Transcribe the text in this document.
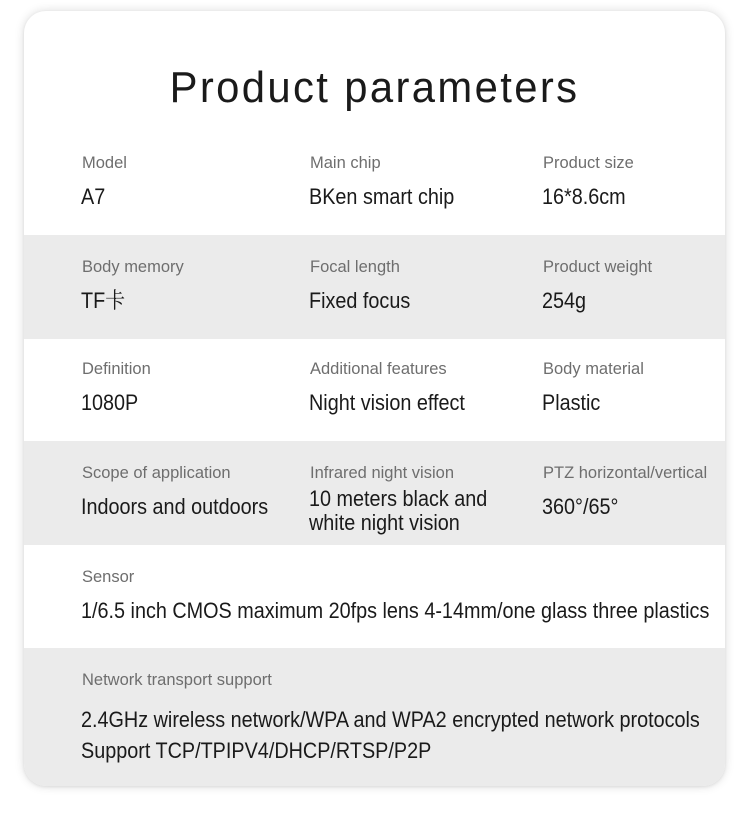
Product parameters
Model
A7
Main chip
BKen smart chip
Product size
16*8.6cm
Body memory
TF卡
Focal length
Fixed focus
Product weight
254g
Definition
1080P
Additional features
Night vision effect
Body material
Plastic
Scope of application
Indoors and outdoors
Infrared night vision
10 meters black and white night vision
PTZ horizontal/vertical
360°/65°
Sensor
1/6.5 inch CMOS maximum 20fps lens 4-14mm/one glass three plastics
Network transport support
2.4GHz wireless network/WPA and WPA2 encrypted network protocols
Support TCP/TPIPV4/DHCP/RTSP/P2P
